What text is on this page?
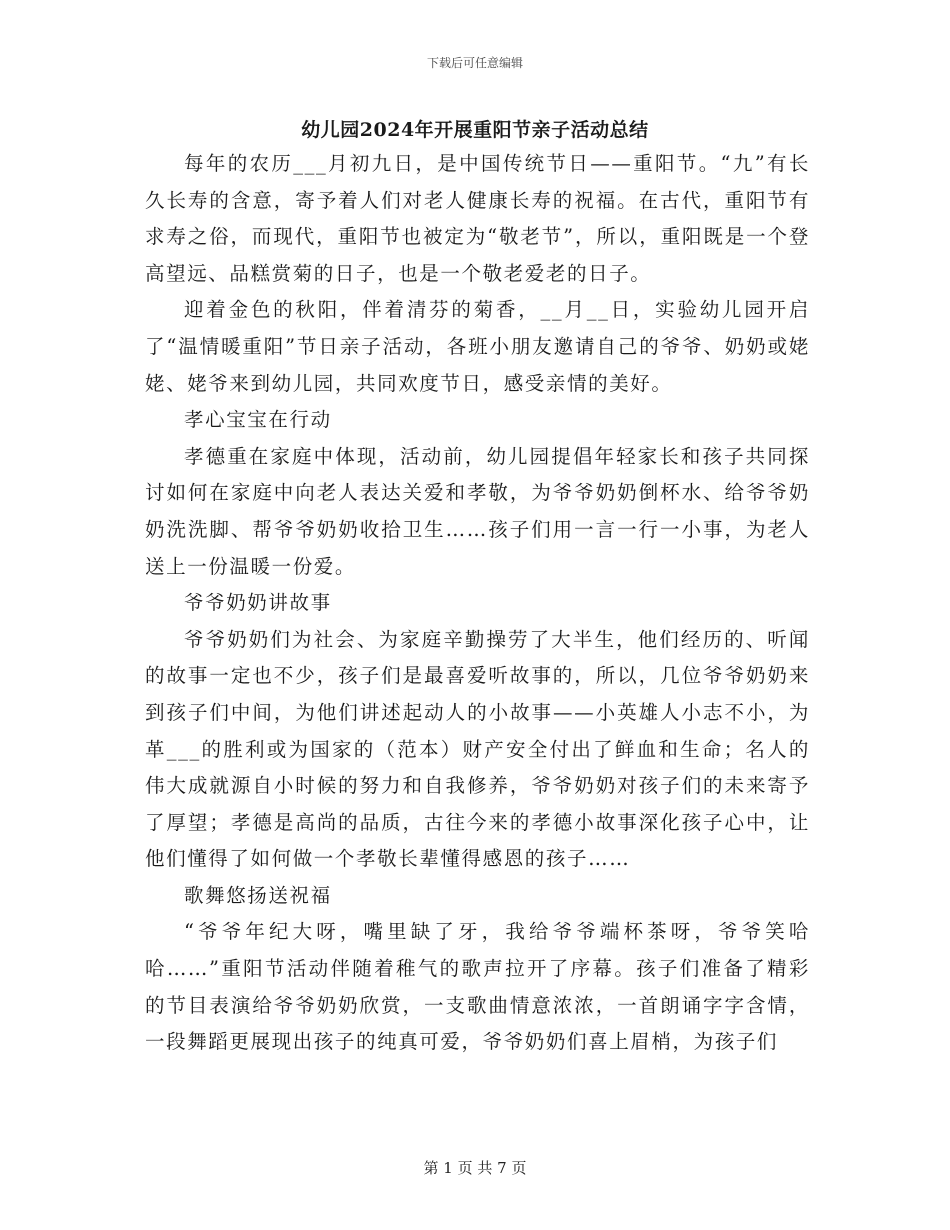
下载后可任意编辑
幼儿园2024年开展重阳节亲子活动总结

每年的农历___月初九日，是中国传统节日——重阳节。“九”有长久长寿的含意，寄予着人们对老人健康长寿的祝福。在古代，重阳节有求寿之俗，而现代，重阳节也被定为“敬老节”，所以，重阳既是一个登高望远、品糕赏菊的日子，也是一个敬老爱老的日子。

迎着金色的秋阳，伴着清芬的菊香，__月__日，实验幼儿园开启了“温情暖重阳”节日亲子活动，各班小朋友邀请自己的爷爷、奶奶或姥姥、姥爷来到幼儿园，共同欢度节日，感受亲情的美好。

孝心宝宝在行动

孝德重在家庭中体现，活动前，幼儿园提倡年轻家长和孩子共同探讨如何在家庭中向老人表达关爱和孝敬，为爷爷奶奶倒杯水、给爷爷奶奶洗洗脚、帮爷爷奶奶收拾卫生……孩子们用一言一行一小事，为老人送上一份温暖一份爱。

爷爷奶奶讲故事

爷爷奶奶们为社会、为家庭辛勤操劳了大半生，他们经历的、听闻的故事一定也不少，孩子们是最喜爱听故事的，所以，几位爷爷奶奶来到孩子们中间，为他们讲述起动人的小故事——小英雄人小志不小，为革___的胜利或为国家的（范本）财产安全付出了鲜血和生命；名人的伟大成就源自小时候的努力和自我修养，爷爷奶奶对孩子们的未来寄予了厚望；孝德是高尚的品质，古往今来的孝德小故事深化孩子心中，让他们懂得了如何做一个孝敬长辈懂得感恩的孩子……

歌舞悠扬送祝福

“爷爷年纪大呀，嘴里缺了牙，我给爷爷端杯茶呀，爷爷笑哈哈……”重阳节活动伴随着稚气的歌声拉开了序幕。孩子们准备了精彩的节目表演给爷爷奶奶欣赏，一支歌曲情意浓浓，一首朗诵字字含情，一段舞蹈更展现出孩子的纯真可爱，爷爷奶奶们喜上眉梢，为孩子们

第 1 页 共 7 页
